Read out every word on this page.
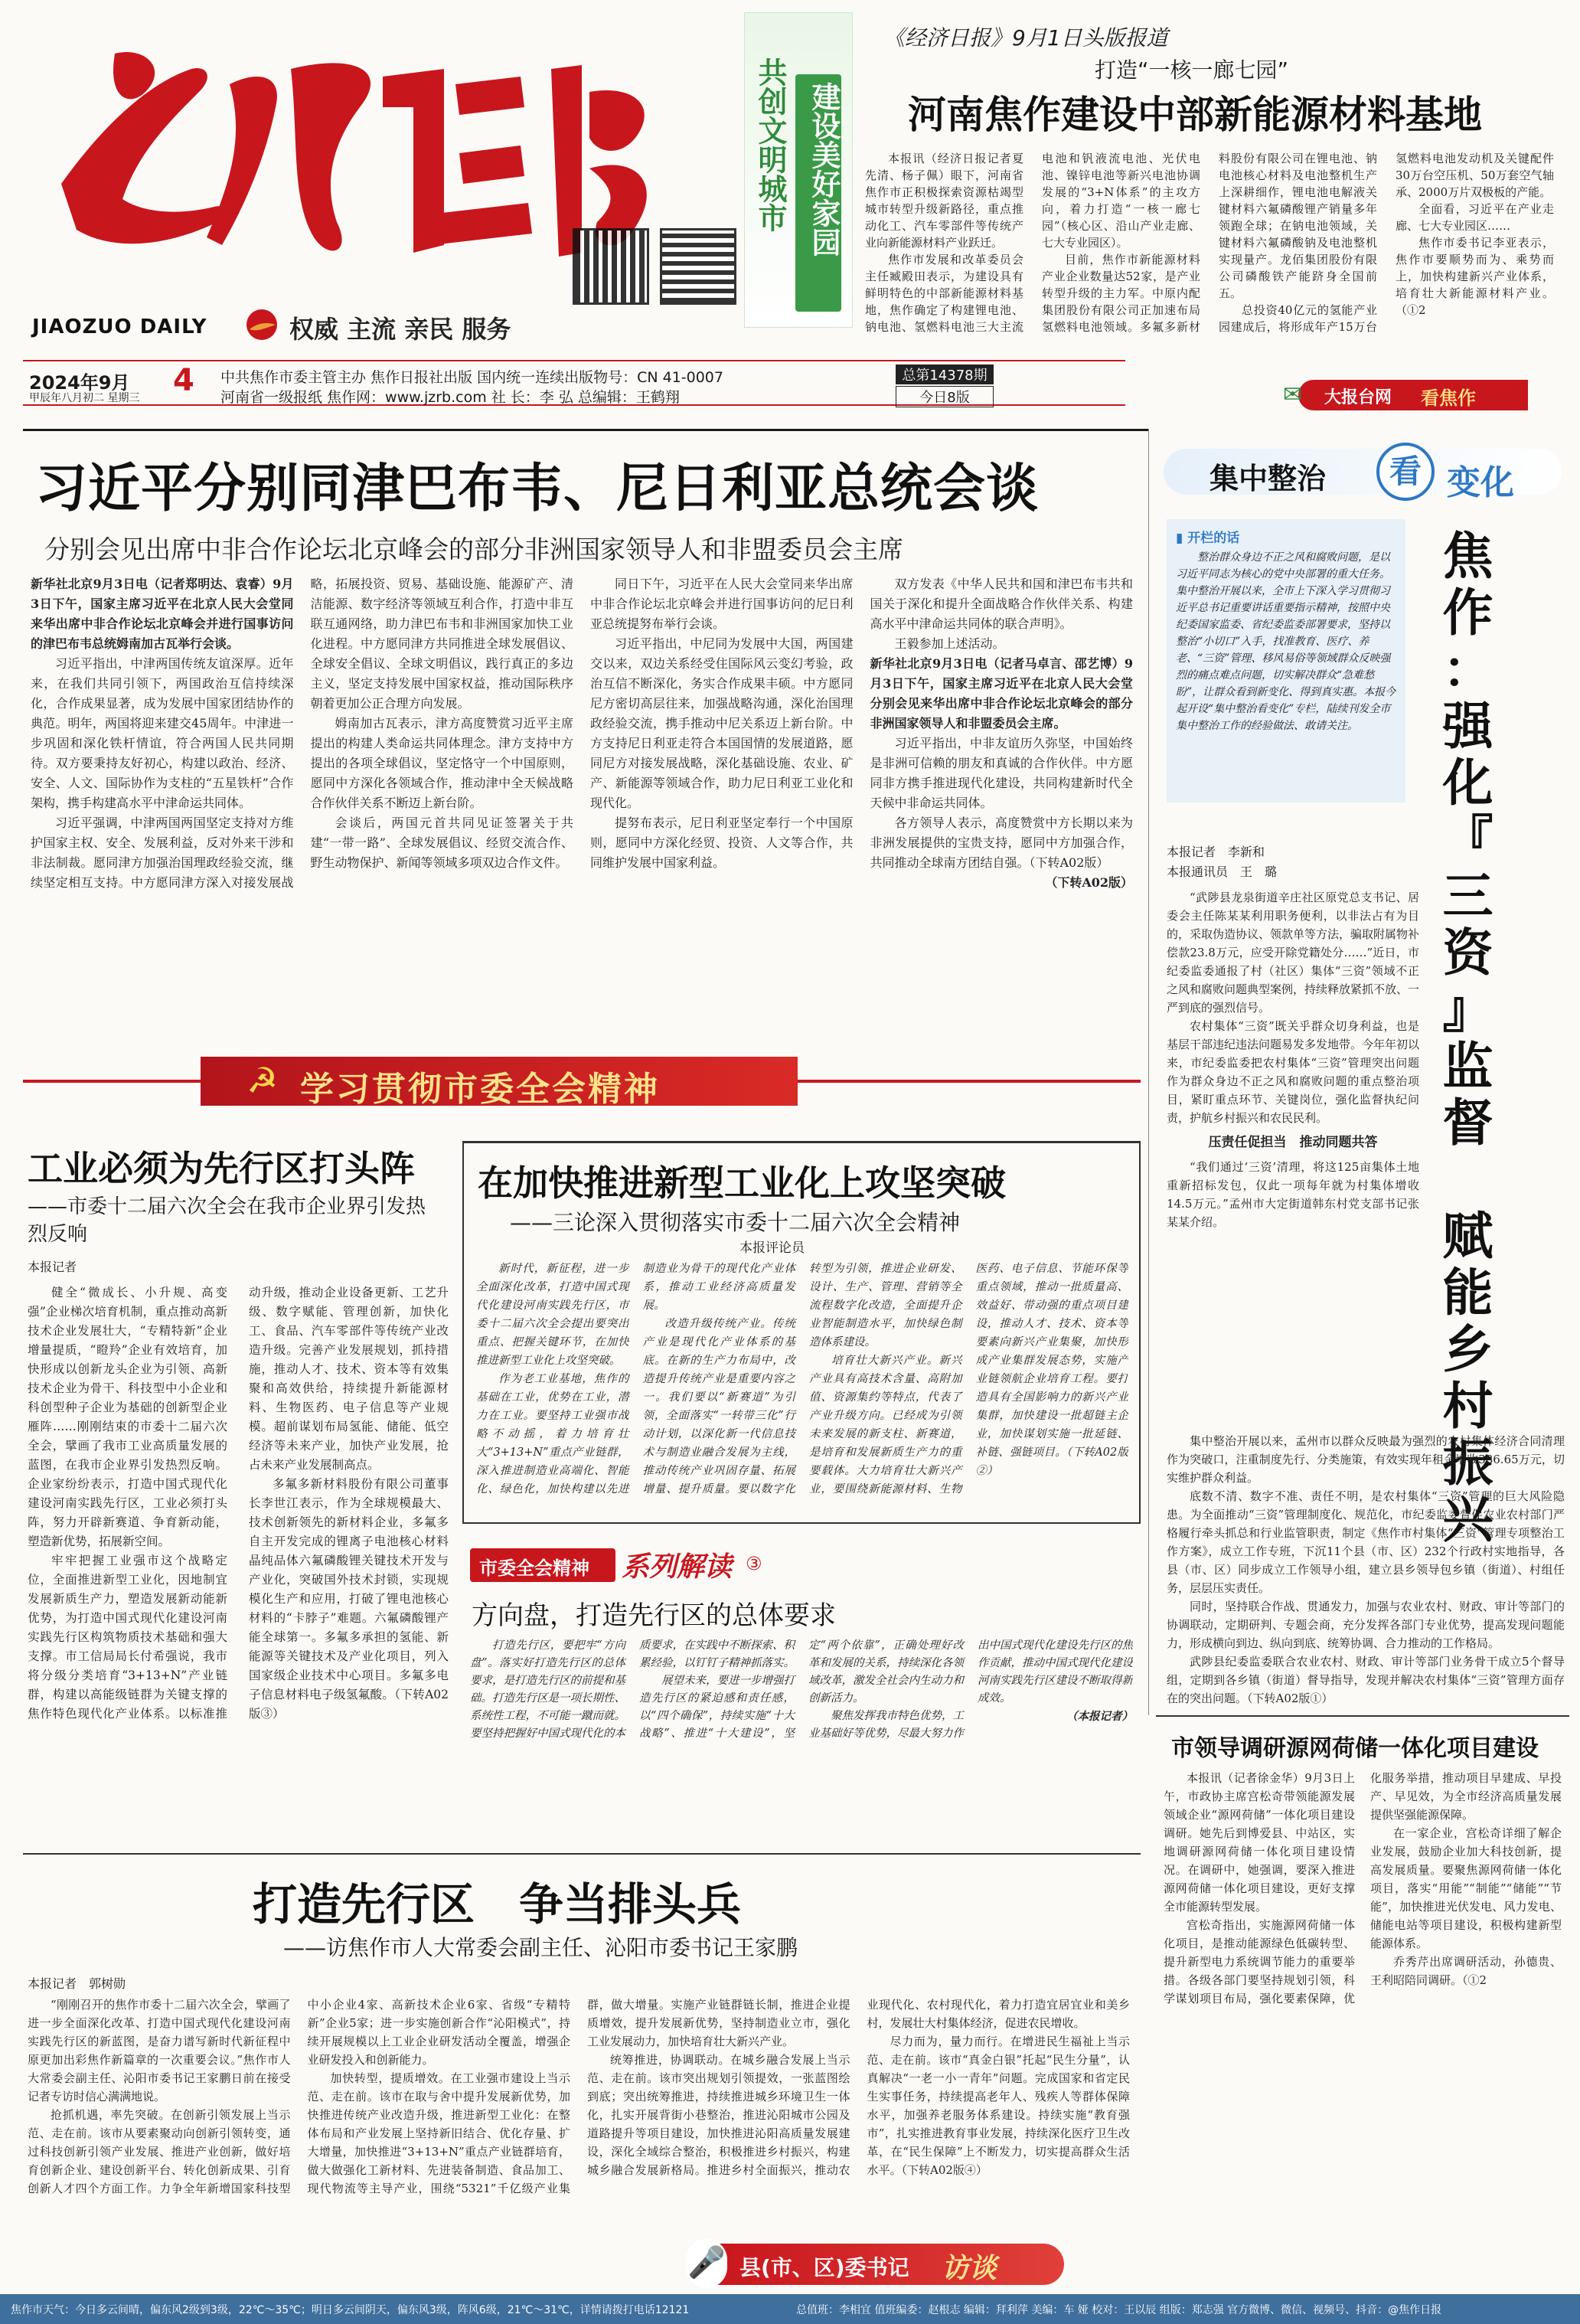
JIAOZUO DAILY	权威 主流 亲民 服务
共创文明城市 建设美好家园
2024年9月 4
甲辰年八月初二 星期三
中共焦作市委主管主办 焦作日报社出版 国内统一连续出版物号：CN 41-0007
河南省一级报纸 焦作网：www.jzrb.com 社 长：李 弘 总编辑：王鹤翔
总第14378期
今日8版
《经济日报》9月1日头版报道
打造“一核一廊七园”
河南焦作建设中部新能源材料基地

本报讯（经济日报记者夏先清、杨子佩）眼下，河南省焦作市正积极探索资源枯竭型城市转型升级新路径，重点推动化工、汽车零部件等传统产业向新能源材料产业跃迁。

焦作市发展和改革委员会主任臧殿田表示，为建设具有鲜明特色的中部新能源材料基地，焦作确定了构建锂电池、钠电池、氢燃料电池三大主流电池和钒液流电池、光伏电池、镍锌电池等新兴电池协调发展的“3+N体系”的主攻方向，着力打造“一核一廊七园”（核心区、沿山产业走廊、七大专业园区）。

目前，焦作市新能源材料产业企业数量达52家，是产业转型升级的主力军。中原内配集团股份有限公司正加速布局氢燃料电池领域。多氟多新材料股份有限公司在锂电池、钠电池核心材料及电池整机生产上深耕细作，锂电池电解液关键材料六氟磷酸锂产销量多年领跑全球；在钠电池领域，关键材料六氟磷酸钠及电池整机实现量产。龙佰集团股份有限公司磷酸铁产能跻身全国前五。

总投资40亿元的氢能产业园建成后，将形成年产15万台氢燃料电池发动机及关键配件30万台空压机、50万套空气轴承、2000万片双极板的产能。

全面看，习近平在产业走廊、七大专业园区……

焦作市委书记李亚表示，焦作市要顺势而为、乘势而上，加快构建新兴产业体系，培育壮大新能源材料产业。（①2

✉ 大报台网 看焦作
习近平分别同津巴布韦、尼日利亚总统会谈
分别会见出席中非合作论坛北京峰会的部分非洲国家领导人和非盟委员会主席

新华社北京9月3日电（记者郑明达、袁睿）9月3日下午，国家主席习近平在北京人民大会堂同来华出席中非合作论坛北京峰会并进行国事访问的津巴布韦总统姆南加古瓦举行会谈。

习近平指出，中津两国传统友谊深厚。近年来，在我们共同引领下，两国政治互信持续深化，合作成果显著，成为发展中国家团结协作的典范。明年，两国将迎来建交45周年。中津进一步巩固和深化铁杆情谊，符合两国人民共同期待。双方要秉持友好初心，构建以政治、经济、安全、人文、国际协作为支柱的“五星铁杆”合作架构，携手构建高水平中津命运共同体。

习近平强调，中津两国两国坚定支持对方维护国家主权、安全、发展利益，反对外来干涉和非法制裁。愿同津方加强治国理政经验交流，继续坚定相互支持。中方愿同津方深入对接发展战略，拓展投资、贸易、基础设施、能源矿产、清洁能源、数字经济等领域互利合作，打造中非互联互通网络，助力津巴布韦和非洲国家加快工业化进程。中方愿同津方共同推进全球发展倡议、全球安全倡议、全球文明倡议，践行真正的多边主义，坚定支持发展中国家权益，推动国际秩序朝着更加公正合理方向发展。

姆南加古瓦表示，津方高度赞赏习近平主席提出的构建人类命运共同体理念。津方支持中方提出的各项全球倡议，坚定恪守一个中国原则，愿同中方深化各领域合作，推动津中全天候战略合作伙伴关系不断迈上新台阶。

会谈后，两国元首共同见证签署关于共建“一带一路”、全球发展倡议、经贸交流合作、野生动物保护、新闻等领域多项双边合作文件。

同日下午，习近平在人民大会堂同来华出席中非合作论坛北京峰会并进行国事访问的尼日利亚总统提努布举行会谈。

习近平指出，中尼同为发展中大国，两国建交以来，双边关系经受住国际风云变幻考验，政治互信不断深化，务实合作成果丰硕。中方愿同尼方密切高层往来，加强战略沟通，深化治国理政经验交流，携手推动中尼关系迈上新台阶。中方支持尼日利亚走符合本国国情的发展道路，愿同尼方对接发展战略，深化基础设施、农业、矿产、新能源等领域合作，助力尼日利亚工业化和现代化。

提努布表示，尼日利亚坚定奉行一个中国原则，愿同中方深化经贸、投资、人文等合作，共同维护发展中国家利益。

双方发表《中华人民共和国和津巴布韦共和国关于深化和提升全面战略合作伙伴关系、构建高水平中津命运共同体的联合声明》。

王毅参加上述活动。

新华社北京9月3日电（记者马卓言、邵艺博）9月3日下午，国家主席习近平在北京人民大会堂分别会见来华出席中非合作论坛北京峰会的部分非洲国家领导人和非盟委员会主席。

习近平指出，中非友谊历久弥坚，中国始终是非洲可信赖的朋友和真诚的合作伙伴。中方愿同非方携手推进现代化建设，共同构建新时代全天候中非命运共同体。

各方领导人表示，高度赞赏中方长期以来为非洲发展提供的宝贵支持，愿同中方加强合作，共同推动全球南方团结自强。（下转A02版）

（下转A02版）

集中整治	看 变化
▮ 开栏的话
整治群众身边不正之风和腐败问题，是以习近平同志为核心的党中央部署的重大任务。集中整治开展以来，全市上下深入学习贯彻习近平总书记重要讲话重要指示精神，按照中央纪委国家监委、省纪委监委部署要求，坚持以整治“小切口”入手，找准教育、医疗、养老、“三资”管理、移风易俗等领域群众反映强烈的痛点难点问题，切实解决群众“急难愁盼”，让群众看到新变化、得到真实惠。本报今起开设“集中整治看变化”专栏，陆续刊发全市集中整治工作的经验做法、敢请关注。
焦
作
：
强
化
『
三
资
』
监
督

赋
能
乡
村
振
兴
本报记者　李新和
本报通讯员　王　璐

“武陟县龙泉街道辛庄社区原党总支书记、居委会主任陈某某利用职务便利，以非法占有为目的，采取伪造协议、领款单等方法，骗取附属物补偿款23.8万元，应受开除党籍处分……”近日，市纪委监委通报了村（社区）集体“三资”领域不正之风和腐败问题典型案例，持续释放紧抓不放、一严到底的强烈信号。

农村集体“三资”既关乎群众切身利益，也是基层干部违纪违法问题易发多发地带。今年年初以来，市纪委监委把农村集体“三资”管理突出问题作为群众身边不正之风和腐败问题的重点整治项目，紧盯重点环节、关键岗位，强化监督执纪问责，护航乡村振兴和农民民利。

压责任促担当　推动同题共答

“我们通过‘三资’清理，将这125亩集体土地重新招标发包，仅此一项每年就为村集体增收14.5万元。”孟州市大定街道韩东村党支部书记张某某介绍。

集中整治开展以来，孟州市以群众反映最为强烈的农村集体经济合同清理作为突破口，注重制度先行、分类施策，有效实现年租金增收386.65万元，切实维护群众利益。

底数不清、数字不准、责任不明，是农村集体“三资”管理的巨大风险隐患。为全面推动“三资”管理制度化、规范化，市纪委监委督促农业农村部门严格履行牵头抓总和行业监管职责，制定《焦作市村集体“三资”管理专项整治工作方案》，成立工作专班，下沉11个县（市、区）232个行政村实地指导，各县（市、区）同步成立工作领导小组，建立县乡领导包乡镇（街道）、村组任务，层层压实责任。

同时，坚持联合作战、贯通发力，加强与农业农村、财政、审计等部门的协调联动，定期研判、专题会商，充分发挥各部门专业优势，提高发现问题能力，形成横向到边、纵向到底、统筹协调、合力推动的工作格局。

武陟县纪委监委联合农业农村、财政、审计等部门业务骨干成立5个督导组，定期到各乡镇（街道）督导指导，发现并解决农村集体“三资”管理方面存在的突出问题。（下转A02版①）

☭ 学习贯彻市委全会精神
工业必须为先行区打头阵
——市委十二届六次全会在我市企业界引发热烈反响
本报记者

健全“微成长、小升规、高变强”企业梯次培育机制，重点推动高新技术企业发展壮大，“专精特新”企业增量提质，“瞪羚”企业有效培育，加快形成以创新龙头企业为引领、高新技术企业为骨干、科技型中小企业和科创型种子企业为基础的创新型企业雁阵……刚刚结束的市委十二届六次全会，擘画了我市工业高质量发展的蓝图，在我市企业界引发热烈反响。企业家纷纷表示，打造中国式现代化建设河南实践先行区，工业必须打头阵，努力开辟新赛道、争育新动能，塑造新优势，拓展新空间。

牢牢把握工业强市这个战略定位，全面推进新型工业化，因地制宜发展新质生产力，塑造发展新动能新优势，为打造中国式现代化建设河南实践先行区构筑物质技术基础和强大支撑。市工信局局长付希强说，我市将分级分类培育“3+13+N”产业链群，构建以高能级链群为关键支撑的焦作特色现代化产业体系。以标准推动升级，推动企业设备更新、工艺升级、数字赋能、管理创新，加快化工、食品、汽车零部件等传统产业改造升级。完善产业发展规划，抓持措施，推动人才、技术、资本等有效集聚和高效供给，持续提升新能源材料、生物医药、电子信息等产业规模。超前谋划布局氢能、储能、低空经济等未来产业，加快产业发展，抢占未来产业发展制高点。

多氟多新材料股份有限公司董事长李世江表示，作为全球规模最大、技术创新领先的新材料企业，多氟多自主开发完成的锂离子电池核心材料晶纯品体六氟磷酸锂关键技术开发与产业化，突破国外技术封锁，实现规模化生产和应用，打破了锂电池核心材料的“卡脖子”难题。六氟磷酸锂产能全球第一。多氟多承担的氢能、新能源等关键技术及产业化项目，列入国家级企业技术中心项目。多氟多电子信息材料电子级氢氟酸。（下转A02版③）

在加快推进新型工业化上攻坚突破
——三论深入贯彻落实市委十二届六次全会精神
本报评论员

新时代，新征程，进一步全面深化改革，打造中国式现代化建设河南实践先行区，市委十二届六次全会提出要突出重点、把握关键环节，在加快推进新型工业化上攻坚突破。

作为老工业基地，焦作的基础在工业，优势在工业，潜力在工业。要坚持工业强市战略不动摇，着力培育壮大“3+13+N”重点产业链群，深入推进制造业高端化、智能化、绿色化，加快构建以先进制造业为骨干的现代化产业体系，推动工业经济高质量发展。

改造升级传统产业。传统产业是现代化产业体系的基底。在新的生产力布局中，改造提升传统产业是重要内容之一。我们要以“新赛道”为引领，全面落实“一转带三化”行动计划，以深化新一代信息技术与制造业融合发展为主线，推动传统产业巩固存量、拓展增量、提升质量。要以数字化转型为引领，推进企业研发、设计、生产、管理、营销等全流程数字化改造，全面提升企业智能制造水平，加快绿色制造体系建设。

培育壮大新兴产业。新兴产业具有高技术含量、高附加值、资源集约等特点，代表了产业升级方向。已经成为引领未来发展的新支柱、新赛道，是培育和发展新质生产力的重要载体。大力培育壮大新兴产业，要围绕新能源材料、生物医药、电子信息、节能环保等重点领域，推动一批质量高、效益好、带动强的重点项目建设，推动人才、技术、资本等要素向新兴产业集聚，加快形成产业集群发展态势，实施产业链领航企业培育工程。要打造具有全国影响力的新兴产业集群，加快建设一批超链主企业，加快谋划实施一批延链、补链、强链项目。（下转A02版②）

市委全会精神 系列解读 ③
方向盘，打造先行区的总体要求

打造先行区，要把牢“方向盘”。落实好打造先行区的总体要求，是打造先行区的前提和基础。打造先行区是一项长期性、系统性工程，不可能一蹴而就。要坚持把握好中国式现代化的本质要求，在实践中不断探索、积累经验，以钉钉子精神抓落实。

展望未来，要进一步增强打造先行区的紧迫感和责任感，以“四个确保”，持续实施“十大战略”、推进“十大建设”，坚定“两个依靠”，正确处理好改革和发展的关系，持续深化各领域改革，激发全社会内生动力和创新活力。

聚焦发挥我市特色优势，工业基础好等优势，尽最大努力作出中国式现代化建设先行区的焦作贡献，推动中国式现代化建设河南实践先行区建设不断取得新成效。

（本报记者）

打造先行区　争当排头兵
——访焦作市人大常委会副主任、沁阳市委书记王家鹏
本报记者　郭树勋

“刚刚召开的焦作市委十二届六次全会，擘画了进一步全面深化改革、打造中国式现代化建设河南实践先行区的新蓝图，是奋力谱写新时代新征程中原更加出彩焦作新篇章的一次重要会议。”焦作市人大常委会副主任、沁阳市委书记王家鹏日前在接受记者专访时信心满满地说。

抢抓机遇，率先突破。在创新引领发展上当示范、走在前。该市从要素聚动向创新引领转变，通过科技创新引领产业发展、推进产业创新，做好培育创新企业、建设创新平台、转化创新成果、引育创新人才四个方面工作。力争全年新增国家科技型中小企业4家、高新技术企业6家、省级“专精特新”企业5家；进一步实施创新合作“沁阳模式”，持续开展规模以上工业企业研发活动全覆盖，增强企业研发投入和创新能力。

加快转型，提质增效。在工业强市建设上当示范、走在前。该市在取与舍中提升发展新优势，加快推进传统产业改造升级，推进新型工业化：在整体布局和产业发展上坚持新旧结合、优化存量、扩大增量，加快推进“3+13+N”重点产业链群培育，做大做强化工新材料、先进装备制造、食品加工、现代物流等主导产业，围绕“5321”千亿级产业集群，做大增量。实施产业链群链长制，推进企业提质增效，提升发展新优势，坚持制造业立市，强化工业发展动力，加快培育壮大新兴产业。

统筹推进，协调联动。在城乡融合发展上当示范、走在前。该市突出规划引领提效，一张蓝图绘到底；突出统筹推进，持续推进城乡环境卫生一体化，扎实开展背街小巷整治，推进沁阳城市公园及道路提升等项目建设，加快推进沁阳高质量发展建设，深化全域综合整治，积极推进乡村振兴，构建城乡融合发展新格局。推进乡村全面振兴，推动农业现代化、农村现代化，着力打造宜居宜业和美乡村，发展壮大村集体经济，促进农民增收。

尽力而为，量力而行。在增进民生福祉上当示范、走在前。该市“真金白银”托起“民生分量”，认真解决“一老一小一青年”问题。完成国家和省定民生实事任务，持续提高老年人、残疾人等群体保障水平，加强养老服务体系建设。持续实施“教育强市”，扎实推进教育事业发展，持续深化医疗卫生改革，在“民生保障”上不断发力，切实提高群众生活水平。（下转A02版④）

🎤 县(市、区)委书记 访谈
市领导调研源网荷储一体化项目建设

本报讯（记者徐金华）9月3日上午，市政协主席宫松奇带领能源发展领域企业“源网荷储”一体化项目建设调研。她先后到博爱县、中站区，实地调研源网荷储一体化项目建设情况。在调研中，她强调，要深入推进源网荷储一体化项目建设，更好支撑全市能源转型发展。

宫松奇指出，实施源网荷储一体化项目，是推动能源绿色低碳转型、提升新型电力系统调节能力的重要举措。各级各部门要坚持规划引领，科学谋划项目布局，强化要素保障，优化服务举措，推动项目早建成、早投产、早见效，为全市经济高质量发展提供坚强能源保障。

在一家企业，宫松奇详细了解企业发展，鼓励企业加大科技创新，提高发展质量。要聚焦源网荷储一体化项目，落实“用能”“制能”“储能”“节能”，加快推进光伏发电、风力发电、储能电站等项目建设，积极构建新型能源体系。

乔秀芹出席调研活动，孙德贵、王利昭陪同调研。（①2

焦作市天气：今日多云间晴，偏东风2级到3级，22℃～35℃；明日多云间阴天，偏东风3级，阵风6级，21℃～31℃，详情请拨打电话12121	总值班：李相宜 值班编委：赵根志 编辑：拜利萍 美编：车 娅 校对：王以辰 组版：郑志强 官方微博、微信、视频号、抖音：@焦作日报
